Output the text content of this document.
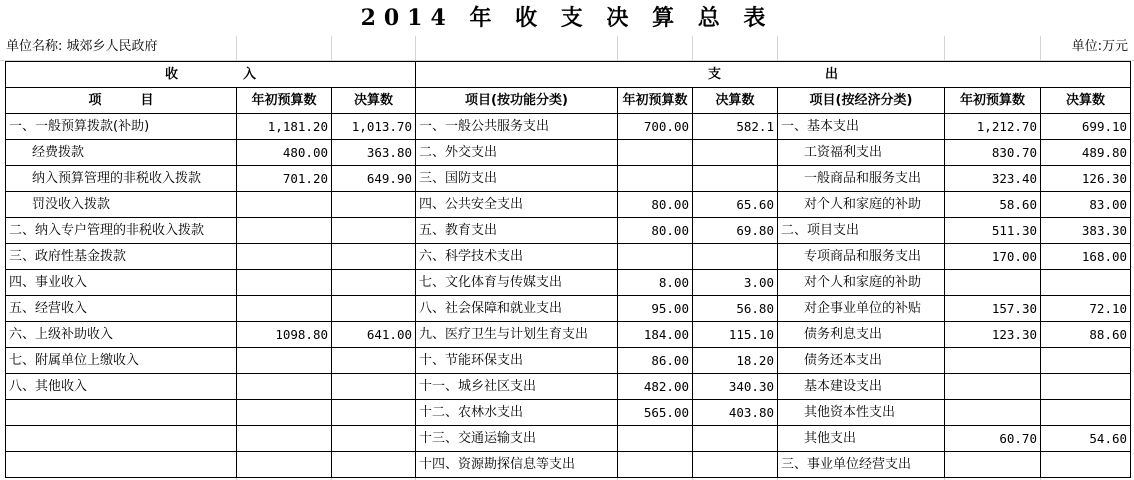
2014 年 收 支 决 算 总 表
单位名称: 城郊乡人民政府	单位:万元
收　　　　　入			支　　　　　　　　出					
项　　　目	年初预算数	决算数	项目(按功能分类)	年初预算数	决算数	项目(按经济分类)	年初预算数	决算数
一、一般预算拨款(补助)	1,181.20	1,013.70	一、一般公共服务支出	700.00	582.1	一、基本支出	1,212.70	699.10
经费拨款	480.00	363.80	二、外交支出			工资福利支出	830.70	489.80
纳入预算管理的非税收入拨款	701.20	649.90	三、国防支出			一般商品和服务支出	323.40	126.30
罚没收入拨款			四、公共安全支出	80.00	65.60	对个人和家庭的补助	58.60	83.00
二、纳入专户管理的非税收入拨款			五、教育支出	80.00	69.80	二、项目支出	511.30	383.30
三、政府性基金拨款			六、科学技术支出			专项商品和服务支出	170.00	168.00
四、事业收入			七、文化体育与传媒支出	8.00	3.00	对个人和家庭的补助		
五、经营收入			八、社会保障和就业支出	95.00	56.80	对企事业单位的补贴	157.30	72.10
六、上级补助收入	1098.80	641.00	九、医疗卫生与计划生育支出	184.00	115.10	债务利息支出	123.30	88.60
七、附属单位上缴收入			十、节能环保支出	86.00	18.20	债务还本支出		
八、其他收入			十一、城乡社区支出	482.00	340.30	基本建设支出		
			十二、农林水支出	565.00	403.80	其他资本性支出		
			十三、交通运输支出			其他支出	60.70	54.60
			十四、资源勘探信息等支出			三、事业单位经营支出		
